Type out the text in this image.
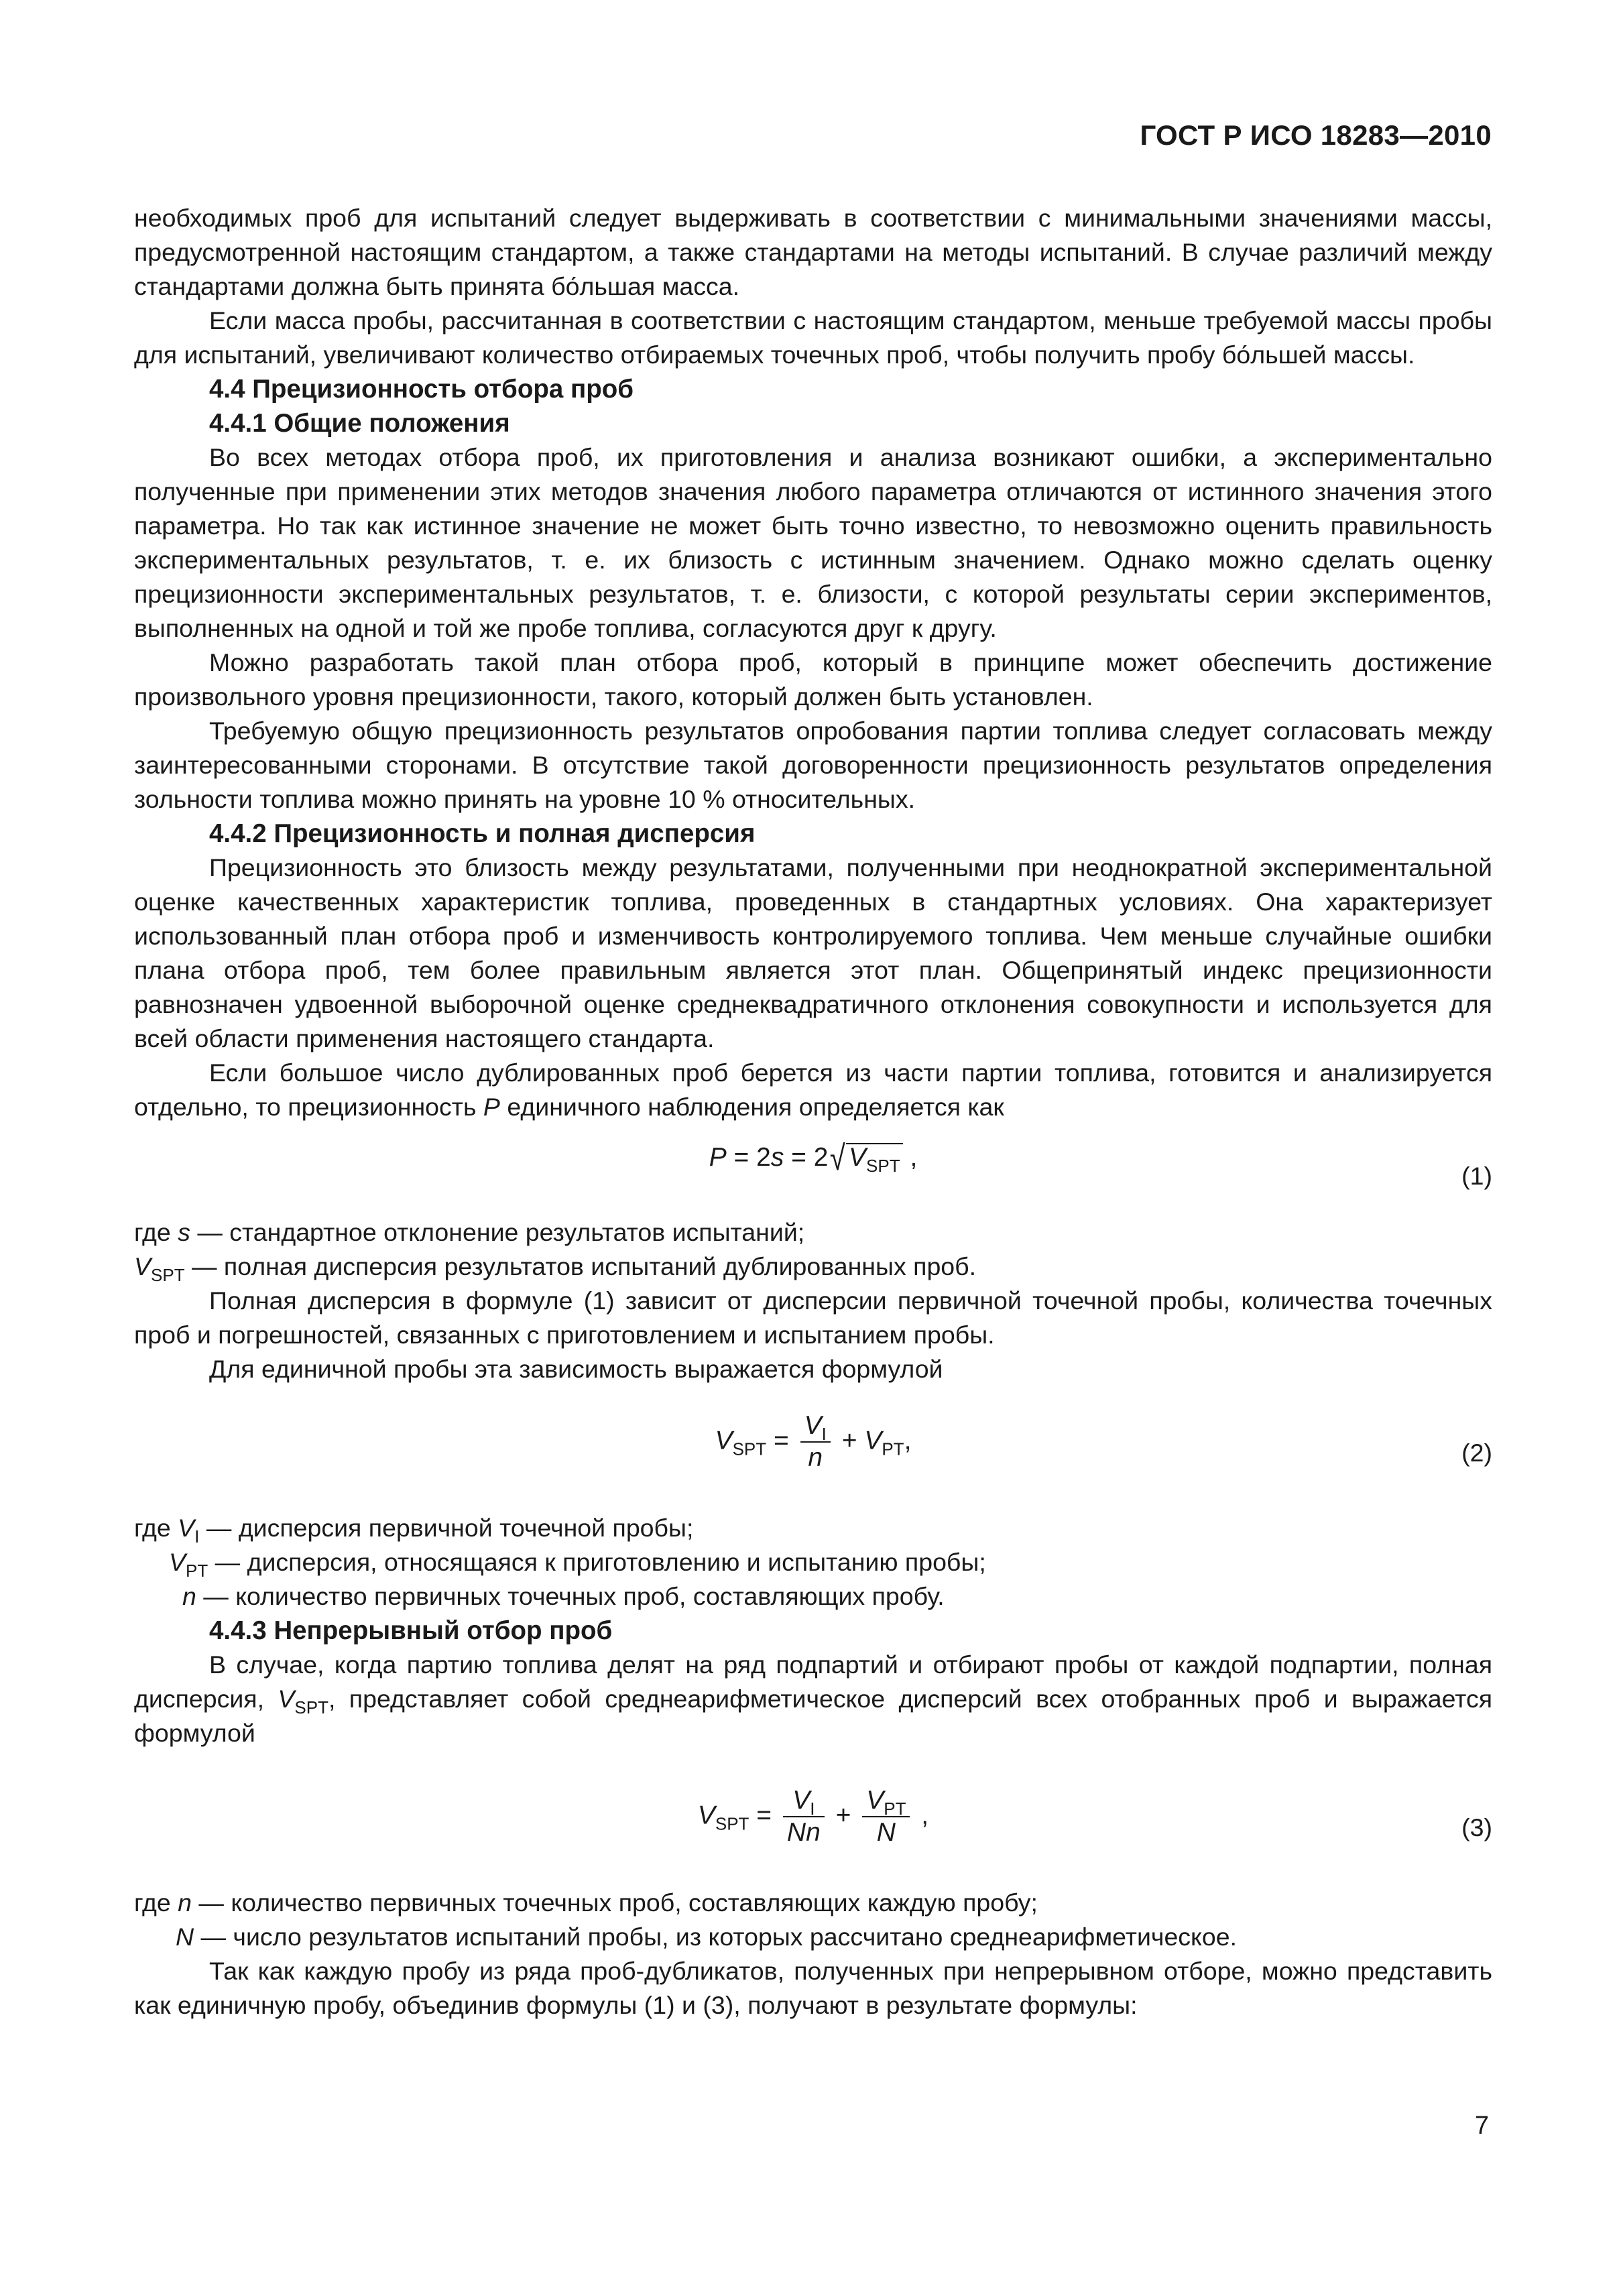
ГОСТ Р ИСО 18283—2010

необходимых проб для испытаний следует выдерживать в соответствии с минимальными значениями массы, предусмотренной настоящим стандартом, а также стандартами на методы испытаний. В случае различий между стандартами должна быть принята бо́льшая масса.

Если масса пробы, рассчитанная в соответствии с настоящим стандартом, меньше требуемой массы пробы для испытаний, увеличивают количество отбираемых точечных проб, чтобы получить пробу бо́льшей массы.

4.4 Прецизионность отбора проб

4.4.1 Общие положения

Во всех методах отбора проб, их приготовления и анализа возникают ошибки, а экспериментально полученные при применении этих методов значения любого параметра отличаются от истинного значения этого параметра. Но так как истинное значение не может быть точно известно, то невозможно оценить правильность экспериментальных результатов, т. е. их близость с истинным значением. Однако можно сделать оценку прецизионности экспериментальных результатов, т. е. близости, с которой результаты серии экспериментов, выполненных на одной и той же пробе топлива, согласуются друг к другу.

Можно разработать такой план отбора проб, который в принципе может обеспечить достижение произвольного уровня прецизионности, такого, который должен быть установлен.

Требуемую общую прецизионность результатов опробования партии топлива следует согласовать между заинтересованными сторонами. В отсутствие такой договоренности прецизионность результатов определения зольности топлива можно принять на уровне 10 % относительных.

4.4.2 Прецизионность и полная дисперсия

Прецизионность это близость между результатами, полученными при неоднократной экспериментальной оценке качественных характеристик топлива, проведенных в стандартных условиях. Она характеризует использованный план отбора проб и изменчивость контролируемого топлива. Чем меньше случайные ошибки плана отбора проб, тем более правильным является этот план. Общепринятый индекс прецизионности равнозначен удвоенной выборочной оценке среднеквадратичного отклонения совокупности и используется для всей области применения настоящего стандарта.

Если большое число дублированных проб берется из части партии топлива, готовится и анализируется отдельно, то прецизионность P единичного наблюдения определяется как

P = 2s = 2√ $V_{SPT}$ ,
(1)

где s — стандартное отклонение результатов испытаний;

$V_{SPT}$ — полная дисперсия результатов испытаний дублированных проб.

Полная дисперсия в формуле (1) зависит от дисперсии первичной точечной пробы, количества точечных проб и погрешностей, связанных с приготовлением и испытанием пробы.

Для единичной пробы эта зависимость выражается формулой

$V_{SPT} = \frac{V_I}{n} + V_{PT}$,	(2)

где $V_I$ — дисперсия первичной точечной пробы;

$V_{PT}$ — дисперсия, относящаяся к приготовлению и испытанию пробы;

n — количество первичных точечных проб, составляющих пробу.

4.4.3 Непрерывный отбор проб

В случае, когда партию топлива делят на ряд подпартий и отбирают пробы от каждой подпартии, полная дисперсия, $V_{SPT}$, представляет собой среднеарифметическое дисперсий всех отобранных проб и выражается формулой

$V_{SPT} = \frac{V_I}{Nn} + \frac{V_{PT}}{N}$ ,	(3)

где n — количество первичных точечных проб, составляющих каждую пробу;

N — число результатов испытаний пробы, из которых рассчитано среднеарифметическое.

Так как каждую пробу из ряда проб-дубликатов, полученных при непрерывном отборе, можно представить как единичную пробу, объединив формулы (1) и (3), получают в результате формулы:

7
